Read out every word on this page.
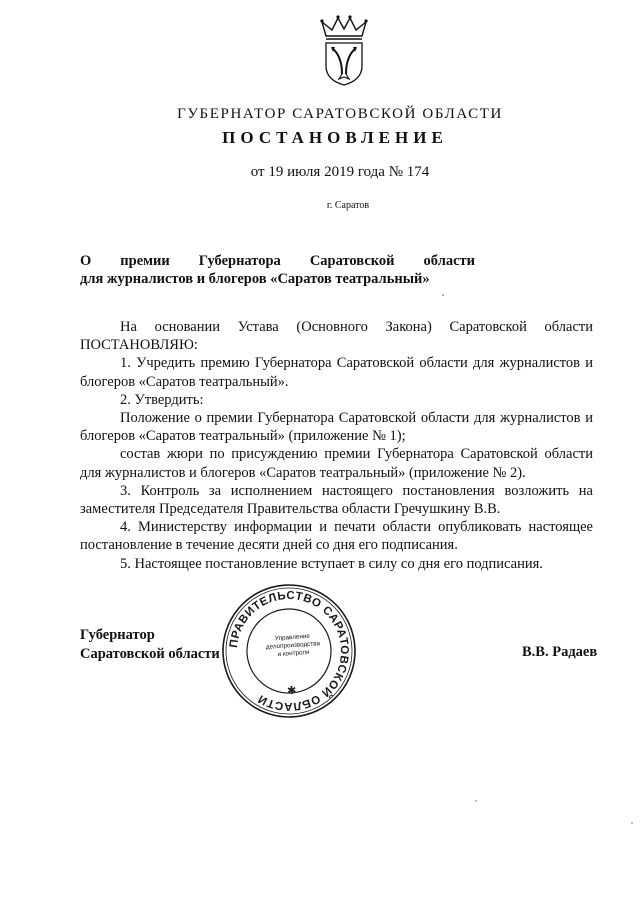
ГУБЕРНАТОР САРАТОВСКОЙ ОБЛАСТИ
ПОСТАНОВЛЕНИЕ
от 19 июля 2019 года № 174
г. Саратов
О премии Губернатора Саратовской области
для журналистов и блогеров «Саратов театральный»

На основании Устава (Основного Закона) Саратовской области

ПОСТАНОВЛЯЮ:

1. Учредить премию Губернатора Саратовской области для журналистов и блогеров «Саратов театральный».

2. Утвердить:

Положение о премии Губернатора Саратовской области для журналистов и блогеров «Саратов театральный» (приложение № 1);

состав жюри по присуждению премии Губернатора Саратовской области для журналистов и блогеров «Саратов театральный» (приложение № 2).

3. Контроль за исполнением настоящего постановления возложить на заместителя Председателя Правительства области Гречушкину В.В.

4. Министерству информации и печати области опубликовать настоящее постановление в течение десяти дней со дня его подписания.

5. Настоящее постановление вступает в силу со дня его подписания.

ПРАВИТЕЛЬСТВО САРАТОВСКОЙ ОБЛАСТИ
✱
Управление
делопроизводства
и контроля
Губернатор
Саратовской области	В.В. Радаев
